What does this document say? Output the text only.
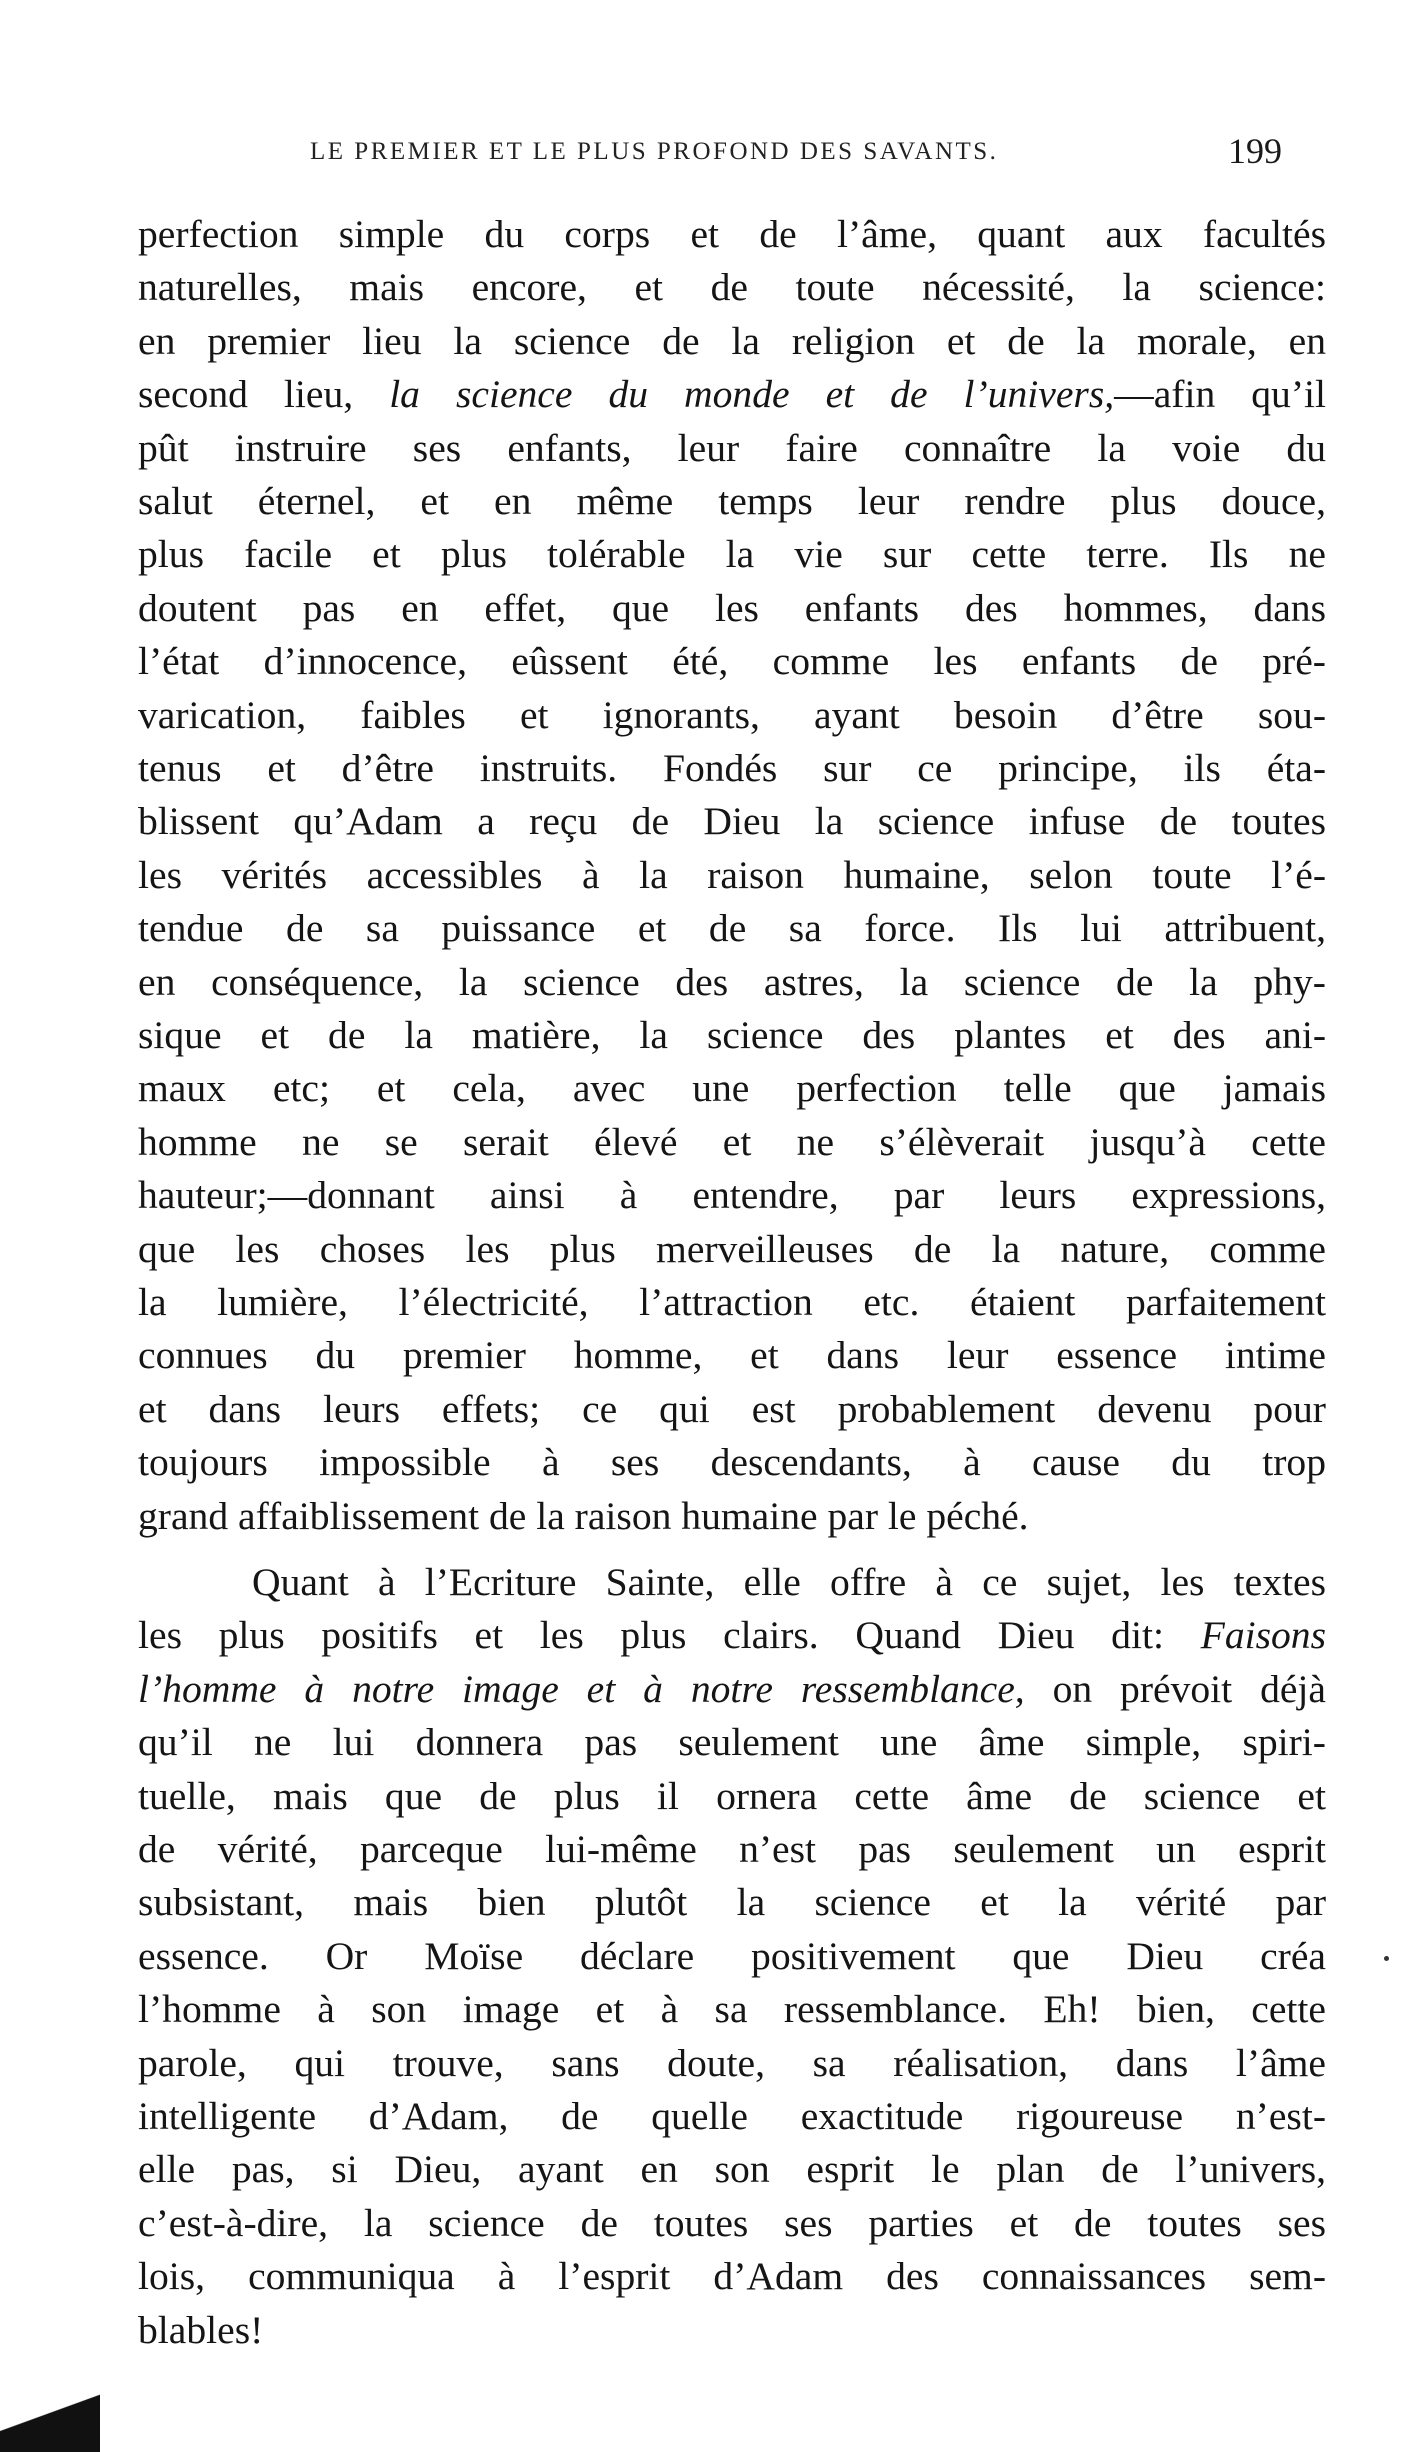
LE PREMIER ET LE PLUS PROFOND DES SAVANTS.	199
perfection simple du corps et de l’âme, quant aux facultés
naturelles, mais encore, et de toute nécessité, la science:
en premier lieu la science de la religion et de la morale, en
second lieu, la science du monde et de l’univers,—afin qu’il
pût instruire ses enfants, leur faire connaître la voie du
salut éternel, et en même temps leur rendre plus douce,
plus facile et plus tolérable la vie sur cette terre. Ils ne
doutent pas en effet, que les enfants des hommes, dans
l’état d’innocence, eûssent été, comme les enfants de pré-
varication, faibles et ignorants, ayant besoin d’être sou-
tenus et d’être instruits. Fondés sur ce principe, ils éta-
blissent qu’Adam a reçu de Dieu la science infuse de toutes
les vérités accessibles à la raison humaine, selon toute l’é-
tendue de sa puissance et de sa force. Ils lui attribuent,
en conséquence, la science des astres, la science de la phy-
sique et de la matière, la science des plantes et des ani-
maux etc; et cela, avec une perfection telle que jamais
homme ne se serait élevé et ne s’élèverait jusqu’à cette
hauteur;—donnant ainsi à entendre, par leurs expressions,
que les choses les plus merveilleuses de la nature, comme
la lumière, l’électricité, l’attraction etc. étaient parfaitement
connues du premier homme, et dans leur essence intime
et dans leurs effets; ce qui est probablement devenu pour
toujours impossible à ses descendants, à cause du trop
grand affaiblissement de la raison humaine par le péché.
Quant à l’Ecriture Sainte, elle offre à ce sujet, les textes
les plus positifs et les plus clairs. Quand Dieu dit: Faisons
l’homme à notre image et à notre ressemblance, on prévoit déjà
qu’il ne lui donnera pas seulement une âme simple, spiri-
tuelle, mais que de plus il ornera cette âme de science et
de vérité, parceque lui-même n’est pas seulement un esprit
subsistant, mais bien plutôt la science et la vérité par
essence. Or Moïse déclare positivement que Dieu créa
l’homme à son image et à sa ressemblance. Eh! bien, cette
parole, qui trouve, sans doute, sa réalisation, dans l’âme
intelligente d’Adam, de quelle exactitude rigoureuse n’est-
elle pas, si Dieu, ayant en son esprit le plan de l’univers,
c’est-à-dire, la science de toutes ses parties et de toutes ses
lois, communiqua à l’esprit d’Adam des connaissances sem-
blables!
